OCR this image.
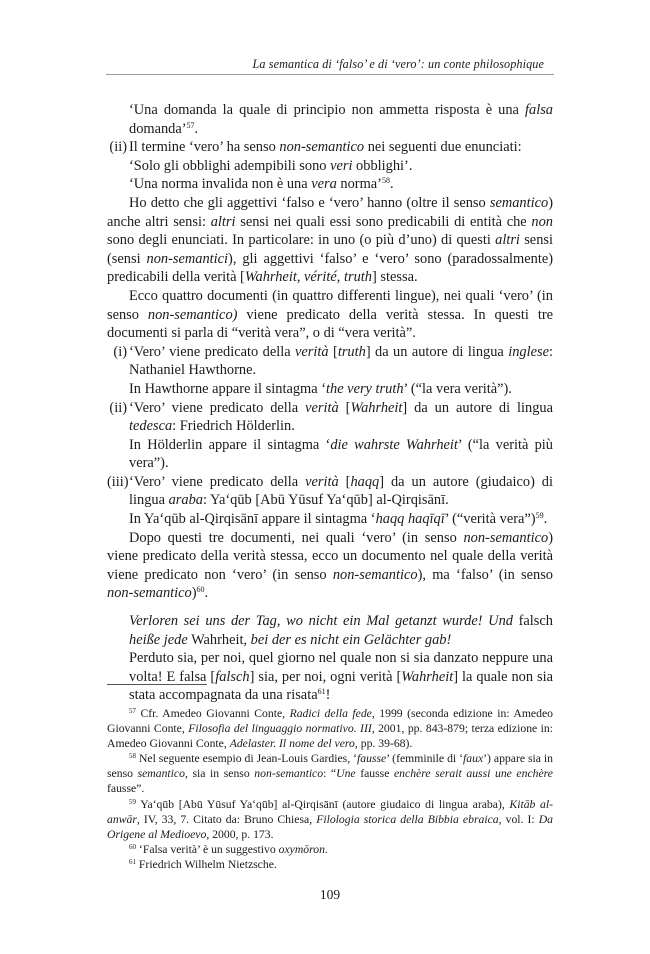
La semantica di ‘falso’ e di ‘vero’: un conte philosophique

‘Una domanda la quale di principio non ammetta risposta è una falsa domanda’$^{57}$.

(ii) Il termine ‘vero’ ha senso non-semantico nei seguenti due enunciati:
‘Solo gli obblighi adempibili sono veri obblighi’.
‘Una norma invalida non è una vera norma’$^{58}$.

Ho detto che gli aggettivi ‘falso e ‘vero’ hanno (oltre il senso semantico) anche altri sensi: altri sensi nei quali essi sono predicabili di entità che non sono degli enunciati. In particolare: in uno (o più d’uno) di questi altri sensi (sensi non-semantici), gli aggettivi ‘falso’ e ‘vero’ sono (paradossalmente) predicabili della verità [Wahrheit, vérité, truth] stessa.

Ecco quattro documenti (in quattro differenti lingue), nei quali ‘vero’ (in senso non-semantico) viene predicato della verità stessa. In questi tre documenti si parla di “verità vera”, o di “vera verità”.

(i) ‘Vero’ viene predicato della verità [truth] da un autore di lingua inglese: Nathaniel Hawthorne.
In Hawthorne appare il sintagma ‘the very truth’ (“la vera verità”).
(ii) ‘Vero’ viene predicato della verità [Wahrheit] da un autore di lingua tedesca: Friedrich Hölderlin.
In Hölderlin appare il sintagma ‘die wahrste Wahrheit’ (“la verità più vera”).
(iii) ‘Vero’ viene predicato della verità [haqq] da un autore (giudaico) di lingua araba: Ya‘qūb [Abū Yūsuf Ya‘qūb] al-Qirqisānī.
In Ya‘qūb al-Qirqisānī appare il sintagma ‘haqq haqīqī’ (“verità vera”)$^{59}$.

Dopo questi tre documenti, nei quali ‘vero’ (in senso non-semantico) viene predicato della verità stessa, ecco un documento nel quale della verità viene predicato non ‘vero’ (in senso non-semantico), ma ‘falso’ (in senso non-semantico)$^{60}$.

Verloren sei uns der Tag, wo nicht ein Mal getanzt wurde! Und falsch heiße jede Wahrheit, bei der es nicht ein Gelächter gab!

Perduto sia, per noi, quel giorno nel quale non si sia danzato neppure una volta! E falsa [falsch] sia, per noi, ogni verità [Wahrheit] la quale non sia stata accompagnata da una risata$^{61}$!

$^{57}$ Cfr. Amedeo Giovanni Conte, Radici della fede, 1999 (seconda edizione in: Amedeo Giovanni Conte, Filosofia del linguaggio normativo. III, 2001, pp. 843-879; terza edizione in: Amedeo Giovanni Conte, Adelaster. Il nome del vero, pp. 39-68).

$^{58}$ Nel seguente esempio di Jean-Louis Gardies, ‘fausse’ (femminile di ‘faux’) appare sia in senso semantico, sia in senso non-semantico: “Une fausse enchère serait aussi une enchère fausse”.

$^{59}$ Ya‘qūb [Abū Yūsuf Ya‘qūb] al-Qirqisānī (autore giudaico di lingua araba), Kitāb al-anwār, IV, 33, 7. Citato da: Bruno Chiesa, Filologia storica della Bibbia ebraica, vol. I: Da Origene al Medioevo, 2000, p. 173.

$^{60}$ ‘Falsa verità’ è un suggestivo oxymōron.

$^{61}$ Friedrich Wilhelm Nietzsche.

109
